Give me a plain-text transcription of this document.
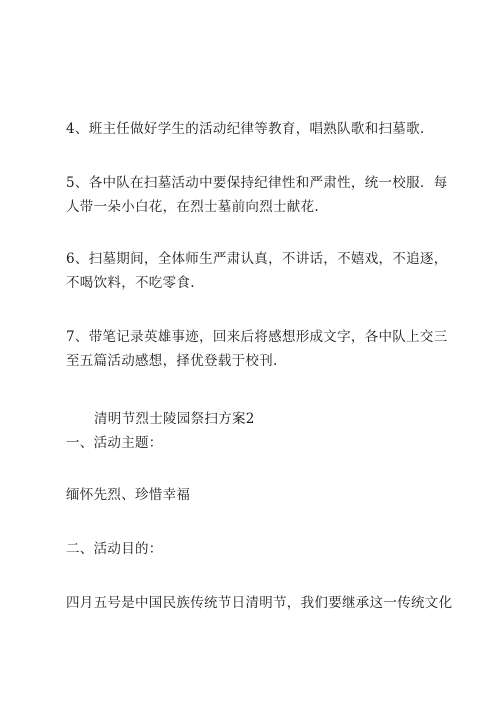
4、班主任做好学生的活动纪律等教育，唱熟队歌和扫墓歌.
5、各中队在扫墓活动中要保持纪律性和严肃性，统一校服．每
人带一朵小白花，在烈士墓前向烈士献花.
6、扫墓期间，全体师生严肃认真，不讲话，不嬉戏，不追逐，
不喝饮料，不吃零食.
7、带笔记录英雄事迹，回来后将感想形成文字，各中队上交三
至五篇活动感想，择优登载于校刊.
清明节烈士陵园祭扫方案2
一、活动主题：
缅怀先烈、珍惜幸福
二、活动目的：
四月五号是中国民族传统节日清明节，我们要继承这一传统文化
